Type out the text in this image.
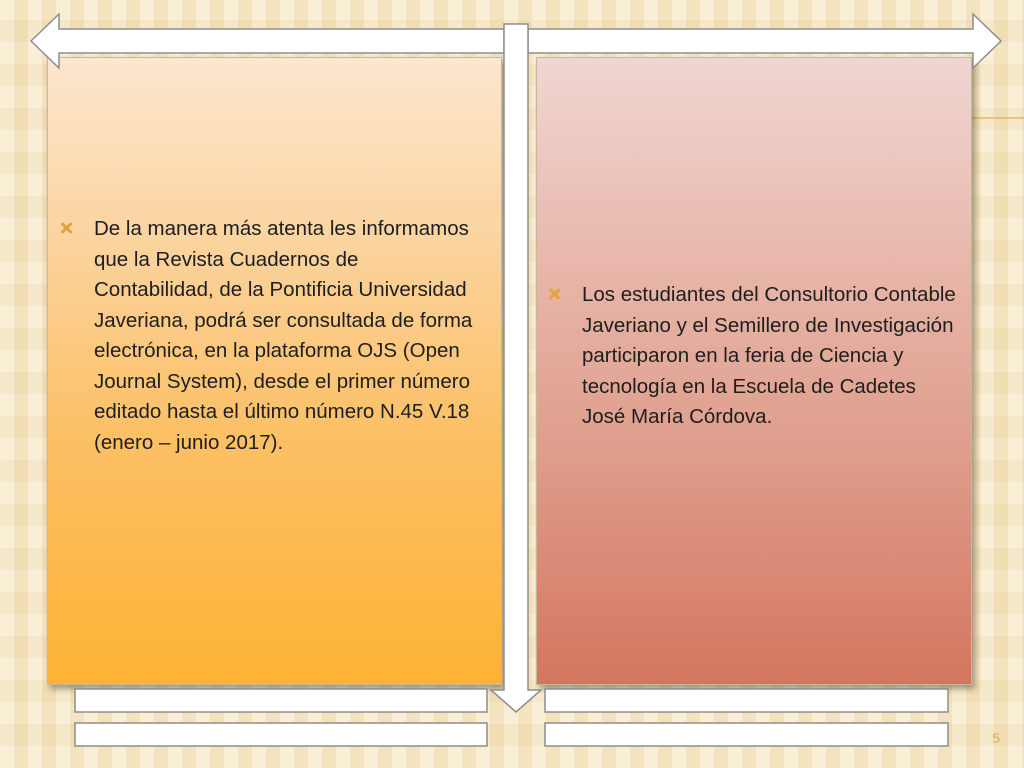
De la manera más atenta les informamos que la Revista Cuadernos de Contabilidad, de la Pontificia Universidad Javeriana, podrá ser consultada de forma electrónica, en la plataforma OJS (Open Journal System), desde el primer número editado hasta el último número N.45 V.18 (enero – junio 2017).
Los estudiantes del Consultorio Contable Javeriano y el Semillero de Investigación participaron en la feria de Ciencia y tecnología en la Escuela de Cadetes José María Córdova.
5
